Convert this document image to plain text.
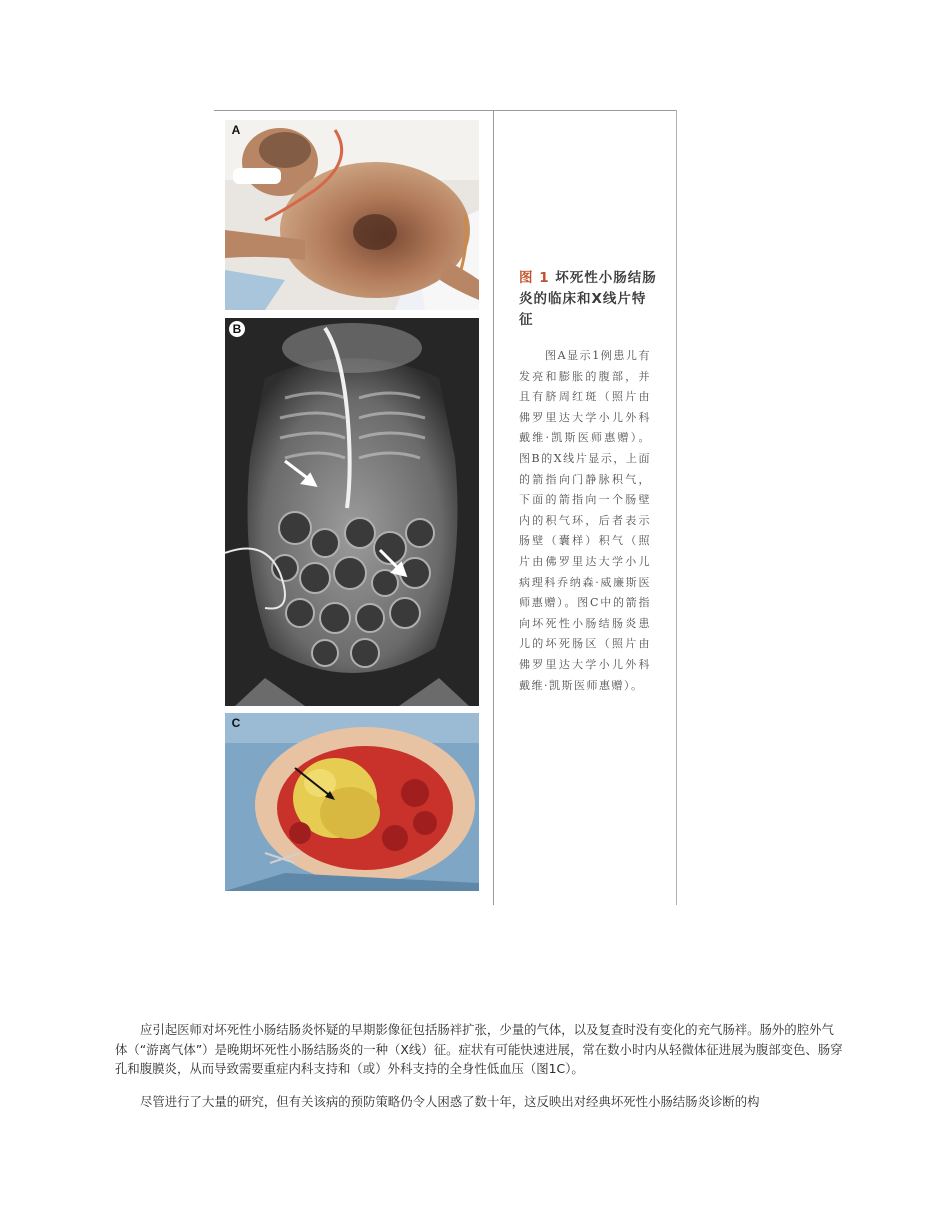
A
B
C
图 1 坏死性小肠结肠炎的临床和X线片特征
图A显示1例患儿有发亮和膨胀的腹部，并且有脐周红斑（照片由佛罗里达大学小儿外科戴维·凯斯医师惠赠）。图B的X线片显示，上面的箭指向门静脉积气，下面的箭指向一个肠壁内的积气环，后者表示肠壁（囊样）积气（照片由佛罗里达大学小儿病理科乔纳森·威廉斯医师惠赠）。图C中的箭指向坏死性小肠结肠炎患儿的坏死肠区（照片由佛罗里达大学小儿外科戴维·凯斯医师惠赠）。

应引起医师对坏死性小肠结肠炎怀疑的早期影像征包括肠袢扩张，少量的气体，以及复查时没有变化的充气肠袢。肠外的腔外气体（“游离气体”）是晚期坏死性小肠结肠炎的一种（X线）征。症状有可能快速进展，常在数小时内从轻微体征进展为腹部变色、肠穿孔和腹膜炎，从而导致需要重症内科支持和（或）外科支持的全身性低血压（图1C）。

尽管进行了大量的研究，但有关该病的预防策略仍令人困惑了数十年，这反映出对经典坏死性小肠结肠炎诊断的构
